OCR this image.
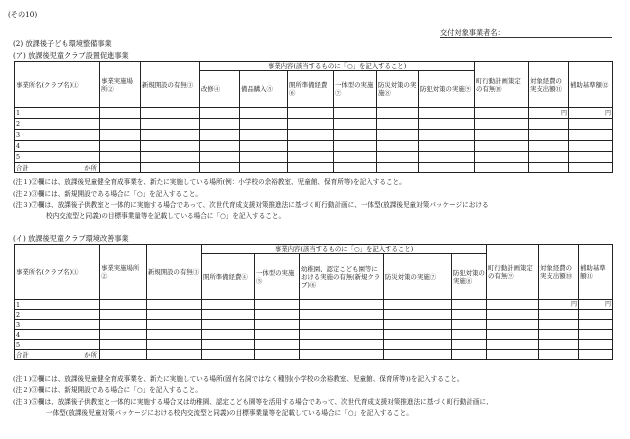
(その10)
交付対象事業者名：
(2) 放課後子ども環境整備事業
(ア) 放課後児童クラブ設置促進事業
事業所名(クラブ名)①	事業実施場所②	新規開設の有無③	事業内容(該当するものに「○」を記入すること)						町行動計画策定の有無⑩	対象経費の実支出額⑪	補助基準額⑫
			改修④	備品購入⑤	開所準備経費⑥	一体型の実施⑦	防災対策の実施⑧	防犯対策の実施⑨			
1										円	円
2											
3											
4											
5											
合計 か所											

(注１)②欄には、放課後児童健全育成事業を、新たに実施している場所(例：小学校の余裕教室、児童館、保育所等)を記入すること。
(注２)③欄には、新規開設である場合に「○」を記入すること。
(注３)⑦欄は、放課後子供教室と一体的に実施する場合であって、次世代育成支援対策推進法に基づく町行動計画に、一体型(放課後児童対策パッケージにおける
校内交流型と同義)の目標事業量等を記載している場合に「○」を記入すること。
(イ) 放課後児童クラブ環境改善事業
事業所名(クラブ名)①	事業実施場所②	新規開設の有無③	事業内容(該当するものに「○」を記入すること)					町行動計画策定の有無⑨	対象経費の実支出額⑩	補助基準額⑪
			開所準備経費④	一体型の実施⑤	幼稚園、認定こども園等における実施の有無(新規クラブ)⑥	防災対策の実施⑦	防犯対策の実施⑧			
1									円	円
2										
3										
4										
5										
合計 か所										

(注１)②欄には、放課後児童健全育成事業を、新たに実施している場所(固有名詞ではなく種別(小学校の余裕教室、児童館、保育所等))を記入すること。
(注２)③欄には、新規開設である場合に「○」を記入すること。
(注３)⑤欄は、放課後子供教室と一体的に実施する場合又は幼稚園、認定こども園等を活用する場合であって、次世代育成支援対策推進法に基づく町行動計画に、
一体型(放課後児童対策パッケージにおける校内交流型と同義)の目標事業量等を記載している場合に「○」を記入すること。
